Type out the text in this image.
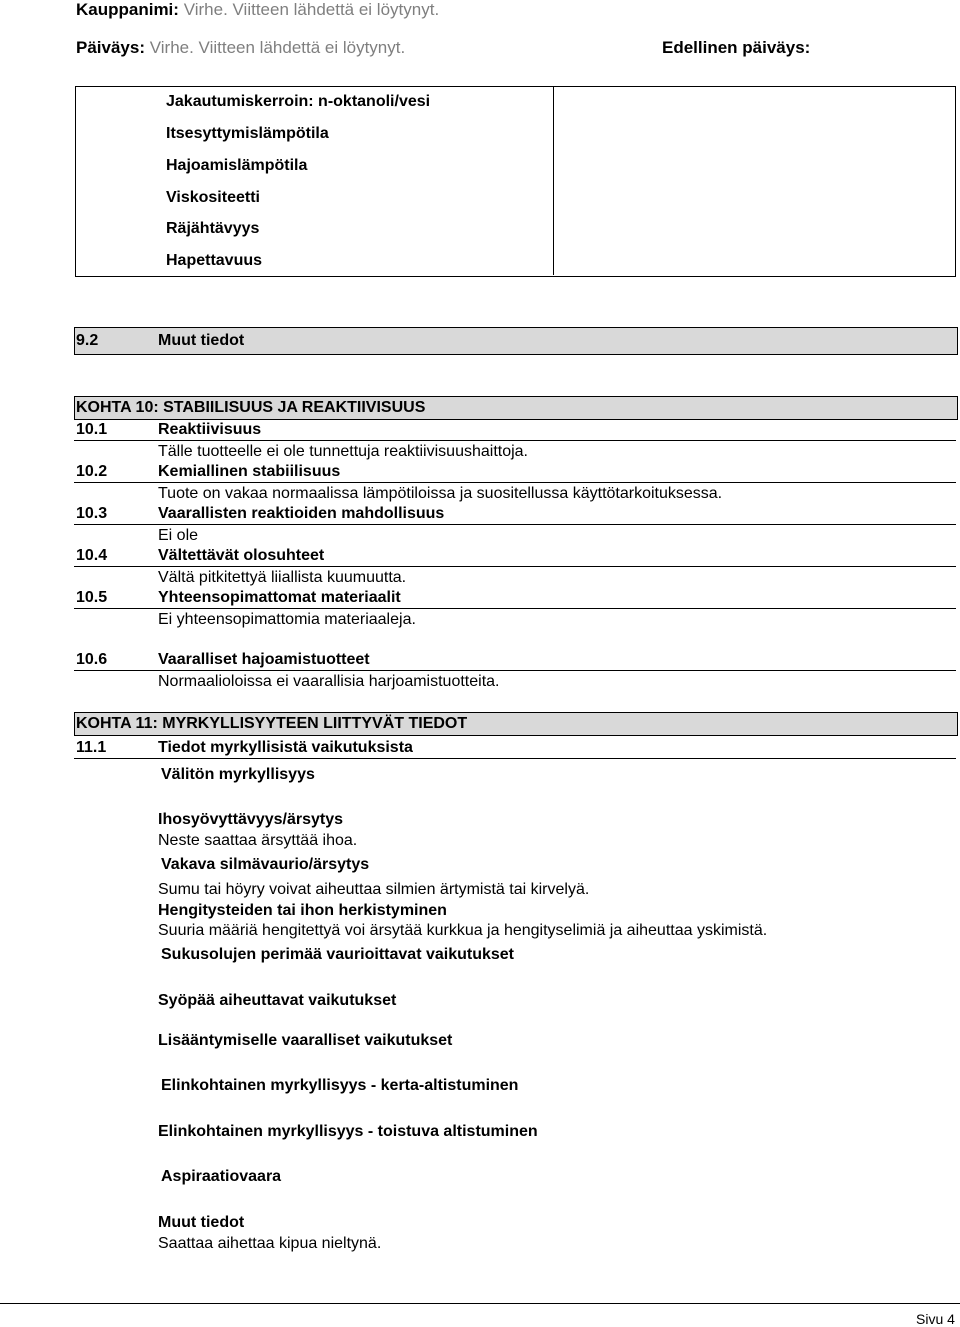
Kauppanimi: Virhe. Viitteen lähdettä ei löytynyt.
Päiväys: Virhe. Viitteen lähdettä ei löytynyt.	Edellinen päiväys:
Jakautumiskerroin: n-oktanoli/vesi
Itsesyttymislämpötila
Hajoamislämpötila
Viskositeetti
Räjähtävyys
Hapettavuus
9.2	Muut tiedot
KOHTA 10: STABIILISUUS JA REAKTIIVISUUS
10.1	Reaktiivisuus
Tälle tuotteelle ei ole tunnettuja reaktiivisuushaittoja.
10.2	Kemiallinen stabiilisuus
Tuote on vakaa normaalissa lämpötiloissa ja suositellussa käyttötarkoituksessa.
10.3	Vaarallisten reaktioiden mahdollisuus
Ei ole
10.4	Vältettävät olosuhteet
Vältä pitkitettyä liiallista kuumuutta.
10.5	Yhteensopimattomat materiaalit
Ei yhteensopimattomia materiaaleja.
10.6	Vaaralliset hajoamistuotteet
Normaalioloissa ei vaarallisia harjoamistuotteita.
KOHTA 11: MYRKYLLISYYTEEN LIITTYVÄT TIEDOT
11.1	Tiedot myrkyllisistä vaikutuksista
Välitön myrkyllisyys
Ihosyövyttävyys/ärsytys
Neste saattaa ärsyttää ihoa.
Vakava silmävaurio/ärsytys
Sumu tai höyry voivat aiheuttaa silmien ärtymistä tai kirvelyä.
Hengitysteiden tai ihon herkistyminen
Suuria määriä hengitettyä voi ärsytää kurkkua ja hengityselimiä ja aiheuttaa yskimistä.
Sukusolujen perimää vaurioittavat vaikutukset
Syöpää aiheuttavat vaikutukset
Lisääntymiselle vaaralliset vaikutukset
Elinkohtainen myrkyllisyys - kerta-altistuminen
Elinkohtainen myrkyllisyys - toistuva altistuminen
Aspiraatiovaara
Muut tiedot
Saattaa aihettaa kipua nieltynä.
Sivu 4
